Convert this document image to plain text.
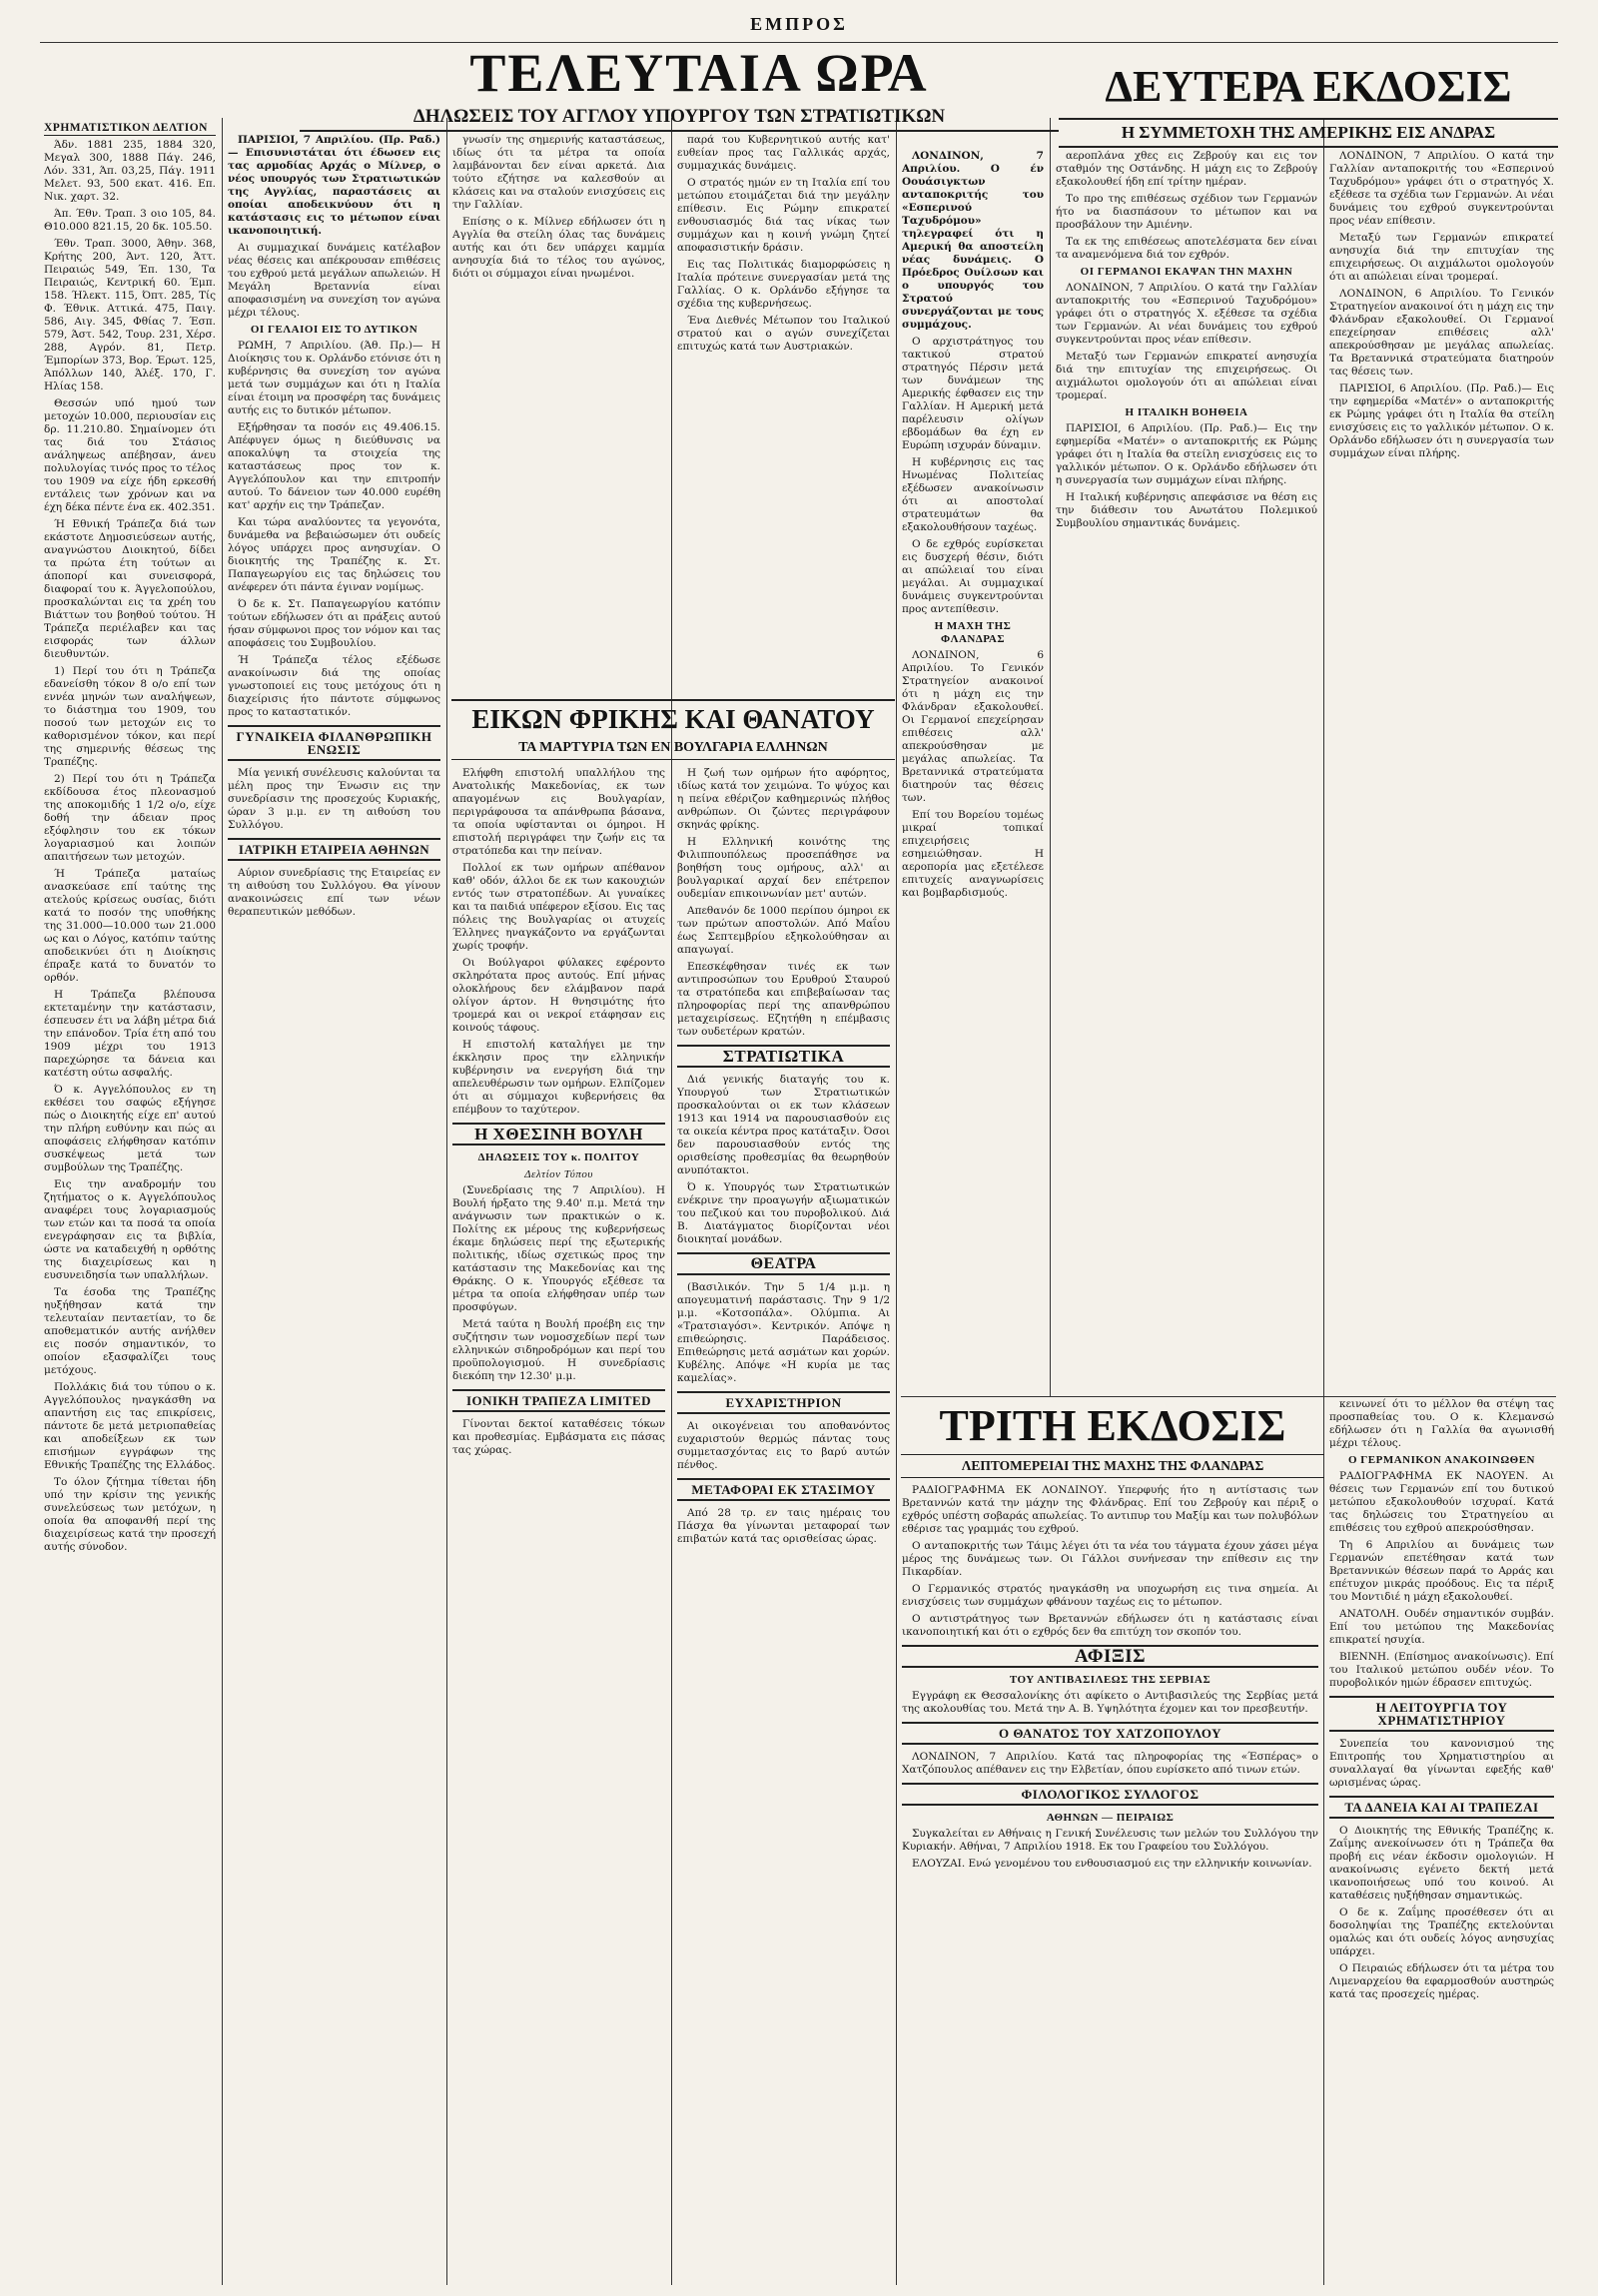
ΕΜΠΡΟΣ
ΤΕΛΕΥΤΑΙΑ ΩΡΑ
ΔΗΛΩΣΕΙΣ ΤΟΥ ΑΓΓΛΟΥ ΥΠΟΥΡΓΟΥ ΤΩΝ ΣΤΡΑΤΙΩΤΙΚΩΝ
ΔΕΥΤΕΡΑ ΕΚΔΟΣΙΣ
Η ΣΥΜΜΕΤΟΧΗ ΤΗΣ ΑΜΕΡΙΚΗΣ ΕΙΣ ΑΝΔΡΑΣ
ΧΡΗΜΑΤΙΣΤΙΚΟΝ ΔΕΛΤΙΟΝ

Άδν. 1881 235, 1884 320, Μεγαλ 300, 1888 Πάγ. 246, Λόν. 331, Άπ. 03,25, Πάγ. 1911 Μελετ. 93, 500 εκατ. 416. Επ. Νικ. χαρτ. 32.

Άπ. Έθν. Τραπ. 3 οιο 105, 84. Θ10.000 821.15, 20 δκ. 105.50.

Έθν. Τραπ. 3000, Άθην. 368, Κρήτης 200, Άντ. 120, Άττ. Πειραιώς 549, Έπ. 130, Τα Πειραιώς, Κεντρική 60. Έμπ. 158. Ήλεκτ. 115, Όπτ. 285, Τίς Φ. Έθνικ. Αττικά. 475, Παιγ. 586, Αιγ. 345, Φθίας 7. Έσπ. 579, Άστ. 542, Τουρ. 231, Χέρσ. 288, Αγρόν. 81, Πετρ. Έμπορίων 373, Βορ. Έρωτ. 125, Άπόλλων 140, Άλέξ. 170, Γ. Ηλίας 158.

Θεσσών υπό ημού των μετοχών 10.000, περιουσίαν εις δρ. 11.210.80. Σημαίνομεν ότι τας διά του Στάσιος ανάληψεως απέβησαν, άνευ πολυλογίας τινός προς το τέλος του 1909 να είχε ήδη ερκεσθή εντάλεις των χρόνων και να έχη δέκα πέντε ένα εκ. 402.351.

Ή Εθνική Τράπεζα διά των εκάστοτε Δημοσιεύσεων αυτής, αναγνώστου Διοικητού, δίδει τα πρώτα έτη τούτων αι άποπορί και συνεισφορά, διαφοραί του κ. Άγγελοπούλου, προσκαλώνται εις τα χρέη του Βιάττων του βοηθού τούτου. Ή Τράπεζα περιέλαβεν και τας εισφοράς των άλλων διευθυντών.

1) Περί του ότι η Τράπεζα εδανείσθη τόκον 8 ο/ο επί των εννέα μηνών των αναλήψεων, το διάστημα του 1909, του ποσού των μετοχών εις το καθορισμένον τόκον, και περί της σημερινής θέσεως της Τραπέζης.

2) Περί του ότι η Τράπεζα εκδίδουσα έτος πλεονασμού της αποκομιδής 1 1/2 ο/ο, είχε δοθή την άδειαν προς εξόφλησιν του εκ τόκων λογαριασμού και λοιπών απαιτήσεων των μετοχών.

Ή Τράπεζα ματαίως ανασκεύασε επί ταύτης της ατελούς κρίσεως ουσίας, διότι κατά το ποσόν της υποθήκης της 31.000—10.000 των 21.000 ως και ο Λόγος, κατόπιν ταύτης αποδεικνύει ότι η Διοίκησις έπραξε κατά το δυνατόν το ορθόν.

Η Τράπεζα βλέπουσα εκτεταμένην την κατάστασιν, έσπευσεν έτι να λάβη μέτρα διά την επάνοδον. Τρία έτη από του 1909 μέχρι του 1913 παρεχώρησε τα δάνεια και κατέστη ούτω ασφαλής.

Ό κ. Αγγελόπουλος εν τη εκθέσει του σαφώς εξήγησε πώς ο Διοικητής είχε επ' αυτού την πλήρη ευθύνην και πώς αι αποφάσεις ελήφθησαν κατόπιν συσκέψεως μετά των συμβούλων της Τραπέζης.

Εις την αναδρομήν του ζητήματος ο κ. Αγγελόπουλος αναφέρει τους λογαριασμούς των ετών και τα ποσά τα οποία ενεγράφησαν εις τα βιβλία, ώστε να καταδειχθή η ορθότης της διαχειρίσεως και η ευσυνειδησία των υπαλλήλων.

Τα έσοδα της Τραπέζης ηυξήθησαν κατά την τελευταίαν πενταετίαν, το δε αποθεματικόν αυτής ανήλθεν εις ποσόν σημαντικόν, το οποίον εξασφαλίζει τους μετόχους.

Πολλάκις διά του τύπου ο κ. Αγγελόπουλος ηναγκάσθη να απαντήση εις τας επικρίσεις, πάντοτε δε μετά μετριοπαθείας και αποδείξεων εκ των επισήμων εγγράφων της Εθνικής Τραπέζης της Ελλάδος.

Το όλον ζήτημα τίθεται ήδη υπό την κρίσιν της γενικής συνελεύσεως των μετόχων, η οποία θα αποφανθή περί της διαχειρίσεως κατά την προσεχή αυτής σύνοδον.

ΠΑΡΙΣΙΟΙ, 7 Απριλίου. (Πρ. Ραδ.)— Επισυνιστάται ότι έδωσεν εις τας αρμοδίας Αρχάς ο Μίλνερ, ο νέος υπουργός των Στρατιωτικών της Αγγλίας, παραστάσεις αι οποίαι αποδεικνύουν ότι η κατάστασις εις το μέτωπον είναι ικανοποιητική.

Αι συμμαχικαί δυνάμεις κατέλαβον νέας θέσεις και απέκρουσαν επιθέσεις του εχθρού μετά μεγάλων απωλειών. Η Μεγάλη Βρεταννία είναι αποφασισμένη να συνεχίση τον αγώνα μέχρι τέλους.

ΟΙ ΓΕΛΑΙΟΙ ΕΙΣ ΤΟ ΔΥΤΙΚΟΝ

ΡΩΜΗ, 7 Απριλίου. (Άθ. Πρ.)— Η Διοίκησις του κ. Ορλάνδο ετόνισε ότι η κυβέρνησις θα συνεχίση τον αγώνα μετά των συμμάχων και ότι η Ιταλία είναι έτοιμη να προσφέρη τας δυνάμεις αυτής εις το δυτικόν μέτωπον.

Εξήρθησαν τα ποσόν εις 49.406.15. Απέφυγεν όμως η διεύθυνσις να αποκαλύψη τα στοιχεία της καταστάσεως προς τον κ. Αγγελόπουλον και την επιτροπήν αυτού. Το δάνειον των 40.000 ευρέθη κατ' αρχήν εις την Τράπεζαν.

Και τώρα αναλύοντες τα γεγονότα, δυνάμεθα να βεβαιώσωμεν ότι ουδείς λόγος υπάρχει προς ανησυχίαν. Ο διοικητής της Τραπέζης κ. Στ. Παπαγεωργίου εις τας δηλώσεις του ανέφερεν ότι πάντα έγιναν νομίμως.

Ό δε κ. Στ. Παπαγεωργίου κατόπιν τούτων εδήλωσεν ότι αι πράξεις αυτού ήσαν σύμφωνοι προς τον νόμον και τας αποφάσεις του Συμβουλίου.

Ή Τράπεζα τέλος εξέδωσε ανακοίνωσιν διά της οποίας γνωστοποιεί εις τους μετόχους ότι η διαχείρισις ήτο πάντοτε σύμφωνος προς το καταστατικόν.

ΓΥΝΑΙΚΕΙΑ ΦΙΛΑΝΘΡΩΠΙΚΗ ΕΝΩΣΙΣ

Μία γενική συνέλευσις καλούνται τα μέλη προς την Ένωσιν εις την συνεδρίασιν της προσεχούς Κυριακής, ώραν 3 μ.μ. εν τη αιθούση του Συλλόγου.

ΙΑΤΡΙΚΗ ΕΤΑΙΡΕΙΑ ΑΘΗΝΩΝ

Αύριον συνεδρίασις της Εταιρείας εν τη αιθούση του Συλλόγου. Θα γίνουν ανακοινώσεις επί των νέων θεραπευτικών μεθόδων.

γνωσίν της σημερινής καταστάσεως, ιδίως ότι τα μέτρα τα οποία λαμβάνονται δεν είναι αρκετά. Δια τούτο εζήτησε να καλεσθούν αι κλάσεις και να σταλούν ενισχύσεις εις την Γαλλίαν.

Επίσης ο κ. Μίλνερ εδήλωσεν ότι η Αγγλία θα στείλη όλας τας δυνάμεις αυτής και ότι δεν υπάρχει καμμία ανησυχία διά το τέλος του αγώνος, διότι οι σύμμαχοι είναι ηνωμένοι.

ΕΙΚΩΝ ΦΡΙΚΗΣ ΚΑΙ ΘΑΝΑΤΟΥ
ΤΑ ΜΑΡΤΥΡΙΑ ΤΩΝ ΕΝ ΒΟΥΛΓΑΡΙΑ ΕΛΛΗΝΩΝ

Ελήφθη επιστολή υπαλλήλου της Ανατολικής Μακεδονίας, εκ των απαγομένων εις Βουλγαρίαν, περιγράφουσα τα απάνθρωπα βάσανα, τα οποία υφίστανται οι όμηροι. Η επιστολή περιγράφει την ζωήν εις τα στρατόπεδα και την πείναν.

Πολλοί εκ των ομήρων απέθανον καθ' οδόν, άλλοι δε εκ των κακουχιών εντός των στρατοπέδων. Αι γυναίκες και τα παιδιά υπέφερον εξίσου. Εις τας πόλεις της Βουλγαρίας οι ατυχείς Έλληνες ηναγκάζοντο να εργάζωνται χωρίς τροφήν.

Οι Βούλγαροι φύλακες εφέροντο σκληρότατα προς αυτούς. Επί μήνας ολοκλήρους δεν ελάμβανον παρά ολίγον άρτον. Η θνησιμότης ήτο τρομερά και οι νεκροί ετάφησαν εις κοινούς τάφους.

Η επιστολή καταλήγει με την έκκλησιν προς την ελληνικήν κυβέρνησιν να ενεργήση διά την απελευθέρωσιν των ομήρων. Ελπίζομεν ότι αι σύμμαχοι κυβερνήσεις θα επέμβουν το ταχύτερον.

Η ΧΘΕΣΙΝΗ ΒΟΥΛΗ
ΔΗΛΩΣΕΙΣ ΤΟΥ κ. ΠΟΛΙΤΟΥ
Δελτίον Τύπου

(Συνεδρίασις της 7 Απριλίου). Η Βουλή ήρξατο της 9.40' π.μ. Μετά την ανάγνωσιν των πρακτικών ο κ. Πολίτης εκ μέρους της κυβερνήσεως έκαμε δηλώσεις περί της εξωτερικής πολιτικής, ιδίως σχετικώς προς την κατάστασιν της Μακεδονίας και της Θράκης. Ο κ. Υπουργός εξέθεσε τα μέτρα τα οποία ελήφθησαν υπέρ των προσφύγων.

Μετά ταύτα η Βουλή προέβη εις την συζήτησιν των νομοσχεδίων περί των ελληνικών σιδηροδρόμων και περί του προϋπολογισμού. Η συνεδρίασις διεκόπη την 12.30' μ.μ.

ΙΟΝΙΚΗ ΤΡΑΠΕΖΑ LIMITED

Γίνονται δεκτοί καταθέσεις τόκων και προθεσμίας. Εμβάσματα εις πάσας τας χώρας.

παρά του Κυβερνητικού αυτής κατ' ευθείαν προς τας Γαλλικάς αρχάς, συμμαχικάς δυνάμεις.

Ο στρατός ημών εν τη Ιταλία επί του μετώπου ετοιμάζεται διά την μεγάλην επίθεσιν. Εις Ρώμην επικρατεί ενθουσιασμός διά τας νίκας των συμμάχων και η κοινή γνώμη ζητεί αποφασιστικήν δράσιν.

Εις τας Πολιτικάς διαμορφώσεις η Ιταλία πρότεινε συνεργασίαν μετά της Γαλλίας. Ο κ. Ορλάνδο εξήγησε τα σχέδια της κυβερνήσεως.

Ένα Διεθνές Μέτωπον του Ιταλικού στρατού και ο αγών συνεχίζεται επιτυχώς κατά των Αυστριακών.

Η ζωή των ομήρων ήτο αφόρητος, ιδίως κατά τον χειμώνα. Το ψύχος και η πείνα εθέριζον καθημερινώς πλήθος ανθρώπων. Οι ζώντες περιγράφουν σκηνάς φρίκης.

Η Ελληνική κοινότης της Φιλιππουπόλεως προσεπάθησε να βοηθήση τους ομήρους, αλλ' αι βουλγαρικαί αρχαί δεν επέτρεπον ουδεμίαν επικοινωνίαν μετ' αυτών.

Απεθανόν δε 1000 περίπου όμηροι εκ των πρώτων αποστολών. Από Μαΐου έως Σεπτεμβρίου εξηκολούθησαν αι απαγωγαί.

Επεσκέφθησαν τινές εκ των αντιπροσώπων του Ερυθρού Σταυρού τα στρατόπεδα και επιβεβαίωσαν τας πληροφορίας περί της απανθρώπου μεταχειρίσεως. Εζητήθη η επέμβασις των ουδετέρων κρατών.

ΣΤΡΑΤΙΩΤΙΚΑ

Διά γενικής διαταγής του κ. Υπουργού των Στρατιωτικών προσκαλούνται οι εκ των κλάσεων 1913 και 1914 να παρουσιασθούν εις τα οικεία κέντρα προς κατάταξιν. Όσοι δεν παρουσιασθούν εντός της ορισθείσης προθεσμίας θα θεωρηθούν ανυπότακτοι.

Ό κ. Υπουργός των Στρατιωτικών ενέκρινε την προαγωγήν αξιωματικών του πεζικού και του πυροβολικού. Διά Β. Διατάγματος διορίζονται νέοι διοικηταί μονάδων.

ΘΕΑΤΡΑ

(Βασιλικόν. Την 5 1/4 μ.μ. η απογευματινή παράστασις. Την 9 1/2 μ.μ. «Κοτσοπάλα». Ολύμπια. Αι «Τρατσιαγόσι». Κεντρικόν. Απόψε η επιθεώρησις. Παράδεισος. Επιθεώρησις μετά ασμάτων και χορών. Κυβέλης. Απόψε «Η κυρία με τας καμελίας».

ΕΥΧΑΡΙΣΤΗΡΙΟΝ

Αι οικογένειαι του αποθανόντος ευχαριστούν θερμώς πάντας τους συμμετασχόντας εις το βαρύ αυτών πένθος.

ΜΕΤΑΦΟΡΑΙ ΕΚ ΣΤΑΣΙΜΟΥ

Από 28 τρ. εν ταις ημέραις του Πάσχα θα γίνωνται μεταφοραί των επιβατών κατά τας ορισθείσας ώρας.

ΛΟΝΔΙΝΟΝ, 7 Απριλίου. Ο έν Οουάσιγκτων ανταποκριτής του «Εσπερινού Ταχυδρόμου» τηλεγραφεί ότι η Αμερική θα αποστείλη νέας δυνάμεις. Ο Πρόεδρος Ουίλσων και ο υπουργός του Στρατού συνεργάζονται με τους συμμάχους.

Ο αρχιστράτηγος του τακτικού στρατού στρατηγός Πέρσιν μετά των δυνάμεων της Αμερικής έφθασεν εις την Γαλλίαν. Η Αμερική μετά παρέλευσιν ολίγων εβδομάδων θα έχη εν Ευρώπη ισχυράν δύναμιν.

Η κυβέρνησις εις τας Ηνωμένας Πολιτείας εξέδωσεν ανακοίνωσιν ότι αι αποστολαί στρατευμάτων θα εξακολουθήσουν ταχέως.

Ο δε εχθρός ευρίσκεται εις δυσχερή θέσιν, διότι αι απώλειαί του είναι μεγάλαι. Αι συμμαχικαί δυνάμεις συγκεντρούνται προς αντεπίθεσιν.

Η ΜΑΧΗ ΤΗΣ ΦΛΑΝΔΡΑΣ

ΛΟΝΔΙΝΟΝ, 6 Απριλίου. Το Γενικόν Στρατηγείον ανακοινοί ότι η μάχη εις την Φλάνδραν εξακολουθεί. Οι Γερμανοί επεχείρησαν επιθέσεις αλλ' απεκρούσθησαν με μεγάλας απωλείας. Τα Βρεταννικά στρατεύματα διατηρούν τας θέσεις των.

Επί του Βορείου τομέως μικραί τοπικαί επιχειρήσεις εσημειώθησαν. Η αεροπορία μας εξετέλεσε επιτυχείς αναγνωρίσεις και βομβαρδισμούς.

αεροπλάνα χθες εις Ζεβρούγ και εις τον σταθμόν της Οστάνδης. Η μάχη εις το Ζεβρούγ εξακολουθεί ήδη επί τρίτην ημέραν.

Το προ της επιθέσεως σχέδιον των Γερμανών ήτο να διασπάσουν το μέτωπον και να προσβάλουν την Αμιένην.

Τα εκ της επιθέσεως αποτελέσματα δεν είναι τα αναμενόμενα διά τον εχθρόν.

ΟΙ ΓΕΡΜΑΝΟΙ ΕΚΑΨΑΝ ΤΗΝ ΜΑΧΗΝ

ΛΟΝΔΙΝΟΝ, 7 Απριλίου. Ο κατά την Γαλλίαν ανταποκριτής του «Εσπερινού Ταχυδρόμου» γράφει ότι ο στρατηγός Χ. εξέθεσε τα σχέδια των Γερμανών. Αι νέαι δυνάμεις του εχθρού συγκεντρούνται προς νέαν επίθεσιν.

Μεταξύ των Γερμανών επικρατεί ανησυχία διά την επιτυχίαν της επιχειρήσεως. Οι αιχμάλωτοι ομολογούν ότι αι απώλειαι είναι τρομεραί.

Η ΙΤΑΛΙΚΗ ΒΟΗΘΕΙΑ

ΠΑΡΙΣΙΟΙ, 6 Απριλίου. (Πρ. Ραδ.)— Εις την εφημερίδα «Ματέν» ο ανταποκριτής εκ Ρώμης γράφει ότι η Ιταλία θα στείλη ενισχύσεις εις το γαλλικόν μέτωπον. Ο κ. Ορλάνδο εδήλωσεν ότι η συνεργασία των συμμάχων είναι πλήρης.

Η Ιταλική κυβέρνησις απεφάσισε να θέση εις την διάθεσιν του Ανωτάτου Πολεμικού Συμβουλίου σημαντικάς δυνάμεις.

ΛΟΝΔΙΝΟΝ, 7 Απριλίου. Ο κατά την Γαλλίαν ανταποκριτής του «Εσπερινού Ταχυδρόμου» γράφει ότι ο στρατηγός Χ. εξέθεσε τα σχέδια των Γερμανών. Αι νέαι δυνάμεις του εχθρού συγκεντρούνται προς νέαν επίθεσιν.

Μεταξύ των Γερμανών επικρατεί ανησυχία διά την επιτυχίαν της επιχειρήσεως. Οι αιχμάλωτοι ομολογούν ότι αι απώλειαι είναι τρομεραί.

ΛΟΝΔΙΝΟΝ, 6 Απριλίου. Το Γενικόν Στρατηγείον ανακοινοί ότι η μάχη εις την Φλάνδραν εξακολουθεί. Οι Γερμανοί επεχείρησαν επιθέσεις αλλ' απεκρούσθησαν με μεγάλας απωλείας. Τα Βρεταννικά στρατεύματα διατηρούν τας θέσεις των.

ΠΑΡΙΣΙΟΙ, 6 Απριλίου. (Πρ. Ραδ.)— Εις την εφημερίδα «Ματέν» ο ανταποκριτής εκ Ρώμης γράφει ότι η Ιταλία θα στείλη ενισχύσεις εις το γαλλικόν μέτωπον. Ο κ. Ορλάνδο εδήλωσεν ότι η συνεργασία των συμμάχων είναι πλήρης.

ΤΡΙΤΗ ΕΚΔΟΣΙΣ
ΛΕΠΤΟΜΕΡΕΙΑΙ ΤΗΣ ΜΑΧΗΣ ΤΗΣ ΦΛΑΝΔΡΑΣ

ΡΑΔΙΟΓΡΑΦΗΜΑ ΕΚ ΛΟΝΔΙΝΟΥ. Υπερφυής ήτο η αντίστασις των Βρεταννών κατά την μάχην της Φλάνδρας. Επί του Ζεβρούγ και πέριξ ο εχθρός υπέστη σοβαράς απωλείας. Το αντιπυρ του Μαξίμ και των πολυβόλων εθέρισε τας γραμμάς του εχθρού.

Ο ανταποκριτής των Τάιμς λέγει ότι τα νέα του τάγματα έχουν χάσει μέγα μέρος της δυνάμεως των. Οι Γάλλοι συνήνεσαν την επίθεσιν εις την Πικαρδίαν.

Ο Γερμανικός στρατός ηναγκάσθη να υποχωρήση εις τινα σημεία. Αι ενισχύσεις των συμμάχων φθάνουν ταχέως εις το μέτωπον.

Ο αντιστράτηγος των Βρεταννών εδήλωσεν ότι η κατάστασις είναι ικανοποιητική και ότι ο εχθρός δεν θα επιτύχη τον σκοπόν του.

ΑΦΙΞΙΣ
ΤΟΥ ΑΝΤΙΒΑΣΙΛΕΩΣ ΤΗΣ ΣΕΡΒΙΑΣ

Εγγράφη εκ Θεσσαλονίκης ότι αφίκετο ο Αντιβασιλεύς της Σερβίας μετά της ακολουθίας του. Μετά την Α. Β. Υψηλότητα έχομεν και τον πρεσβευτήν.

Ο ΘΑΝΑΤΟΣ ΤΟΥ ΧΑΤΖΟΠΟΥΛΟΥ

ΛΟΝΔΙΝΟΝ, 7 Απριλίου. Κατά τας πληροφορίας της «Έσπέρας» ο Χατζόπουλος απέθανεν εις την Ελβετίαν, όπου ευρίσκετο από τινων ετών.

ΦΙΛΟΛΟΓΙΚΟΣ ΣΥΛΛΟΓΟΣ
ΑΘΗΝΩΝ — ΠΕΙΡΑΙΩΣ

Συγκαλείται εν Αθήναις η Γενική Συνέλευσις των μελών του Συλλόγου την Κυριακήν. Αθήναι, 7 Απριλίου 1918. Εκ του Γραφείου του Συλλόγου.

ΕΛΟΥΖΑΙ. Ενώ γενομένου του ενθουσιασμού εις την ελληνικήν κοινωνίαν.

κεινωνεί ότι το μέλλον θα στέψη τας προσπαθείας του. Ο κ. Κλεμανσώ εδήλωσεν ότι η Γαλλία θα αγωνισθή μέχρι τέλους.

Ο ΓΕΡΜΑΝΙΚΟΝ ΑΝΑΚΟΙΝΩΘΕΝ

ΡΑΔΙΟΓΡΑΦΗΜΑ ΕΚ ΝΑΟΥΕΝ. Αι θέσεις των Γερμανών επί του δυτικού μετώπου εξακολουθούν ισχυραί. Κατά τας δηλώσεις του Στρατηγείου αι επιθέσεις του εχθρού απεκρούσθησαν.

Τη 6 Απριλίου αι δυνάμεις των Γερμανών επετέθησαν κατά των Βρεταννικών θέσεων παρά το Αρράς και επέτυχον μικράς προόδους. Εις τα πέριξ του Μοντιδιέ η μάχη εξακολουθεί.

ΑΝΑΤΟΛΗ. Ουδέν σημαντικόν συμβάν. Επί του μετώπου της Μακεδονίας επικρατεί ησυχία.

ΒΙΕΝΝΗ. (Επίσημος ανακοίνωσις). Επί του Ιταλικού μετώπου ουδέν νέον. Το πυροβολικόν ημών έδρασεν επιτυχώς.

Η ΛΕΙΤΟΥΡΓΙΑ ΤΟΥ ΧΡΗΜΑΤΙΣΤΗΡΙΟΥ

Συνεπεία του κανονισμού της Επιτροπής του Χρηματιστηρίου αι συναλλαγαί θα γίνωνται εφεξής καθ' ωρισμένας ώρας.

ΤΑ ΔΑΝΕΙΑ ΚΑΙ ΑΙ ΤΡΑΠΕΖΑΙ

Ο Διοικητής της Εθνικής Τραπέζης κ. Ζαΐμης ανεκοίνωσεν ότι η Τράπεζα θα προβή εις νέαν έκδοσιν ομολογιών. Η ανακοίνωσις εγένετο δεκτή μετά ικανοποιήσεως υπό του κοινού. Αι καταθέσεις ηυξήθησαν σημαντικώς.

Ο δε κ. Ζαΐμης προσέθεσεν ότι αι δοσοληψίαι της Τραπέζης εκτελούνται ομαλώς και ότι ουδείς λόγος ανησυχίας υπάρχει.

Ο Πειραιώς εδήλωσεν ότι τα μέτρα του Λιμεναρχείου θα εφαρμοσθούν αυστηρώς κατά τας προσεχείς ημέρας.
